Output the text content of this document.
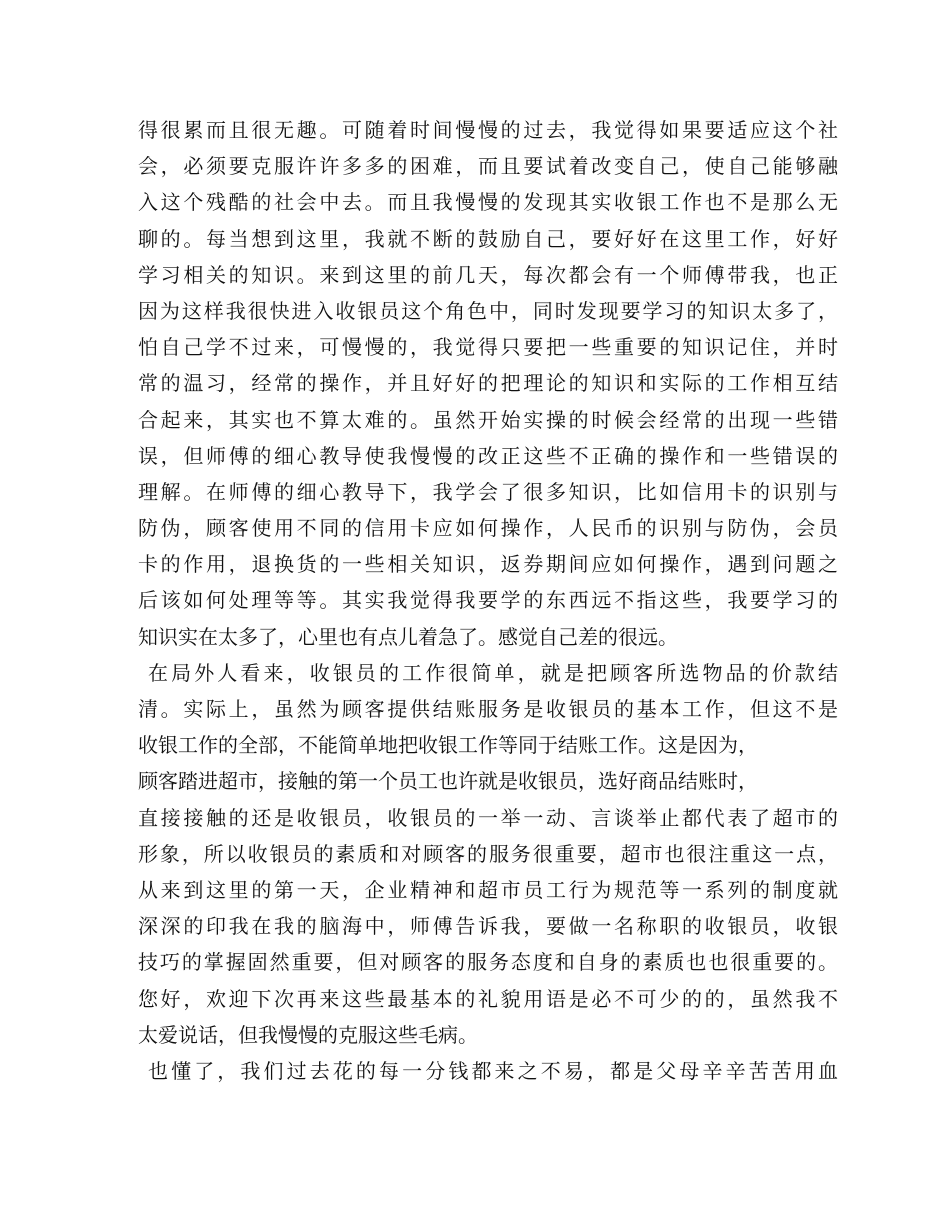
得很累而且很无趣。可随着时间慢慢的过去，我觉得如果要适应这个社
会，必须要克服许许多多的困难，而且要试着改变自己，使自己能够融
入这个残酷的社会中去。而且我慢慢的发现其实收银工作也不是那么无
聊的。每当想到这里，我就不断的鼓励自己，要好好在这里工作，好好
学习相关的知识。来到这里的前几天，每次都会有一个师傅带我，也正
因为这样我很快进入收银员这个角色中，同时发现要学习的知识太多了，
怕自己学不过来，可慢慢的，我觉得只要把一些重要的知识记住，并时
常的温习，经常的操作，并且好好的把理论的知识和实际的工作相互结
合起来，其实也不算太难的。虽然开始实操的时候会经常的出现一些错
误，但师傅的细心教导使我慢慢的改正这些不正确的操作和一些错误的
理解。在师傅的细心教导下，我学会了很多知识，比如信用卡的识别与
防伪，顾客使用不同的信用卡应如何操作，人民币的识别与防伪，会员
卡的作用，退换货的一些相关知识，返券期间应如何操作，遇到问题之
后该如何处理等等。其实我觉得我要学的东西远不指这些，我要学习的
知识实在太多了，心里也有点儿着急了。感觉自己差的很远。
在局外人看来，收银员的工作很简单，就是把顾客所选物品的价款结
清。实际上，虽然为顾客提供结账服务是收银员的基本工作，但这不是
收银工作的全部，不能简单地把收银工作等同于结账工作。这是因为，
顾客踏进超市，接触的第一个员工也许就是收银员，选好商品结账时，
直接接触的还是收银员，收银员的一举一动、言谈举止都代表了超市的
形象，所以收银员的素质和对顾客的服务很重要，超市也很注重这一点，
从来到这里的第一天，企业精神和超市员工行为规范等一系列的制度就
深深的印我在我的脑海中，师傅告诉我，要做一名称职的收银员，收银
技巧的掌握固然重要，但对顾客的服务态度和自身的素质也也很重要的。
您好，欢迎下次再来这些最基本的礼貌用语是必不可少的的，虽然我不
太爱说话，但我慢慢的克服这些毛病。
也懂了，我们过去花的每一分钱都来之不易，都是父母辛辛苦苦用血
